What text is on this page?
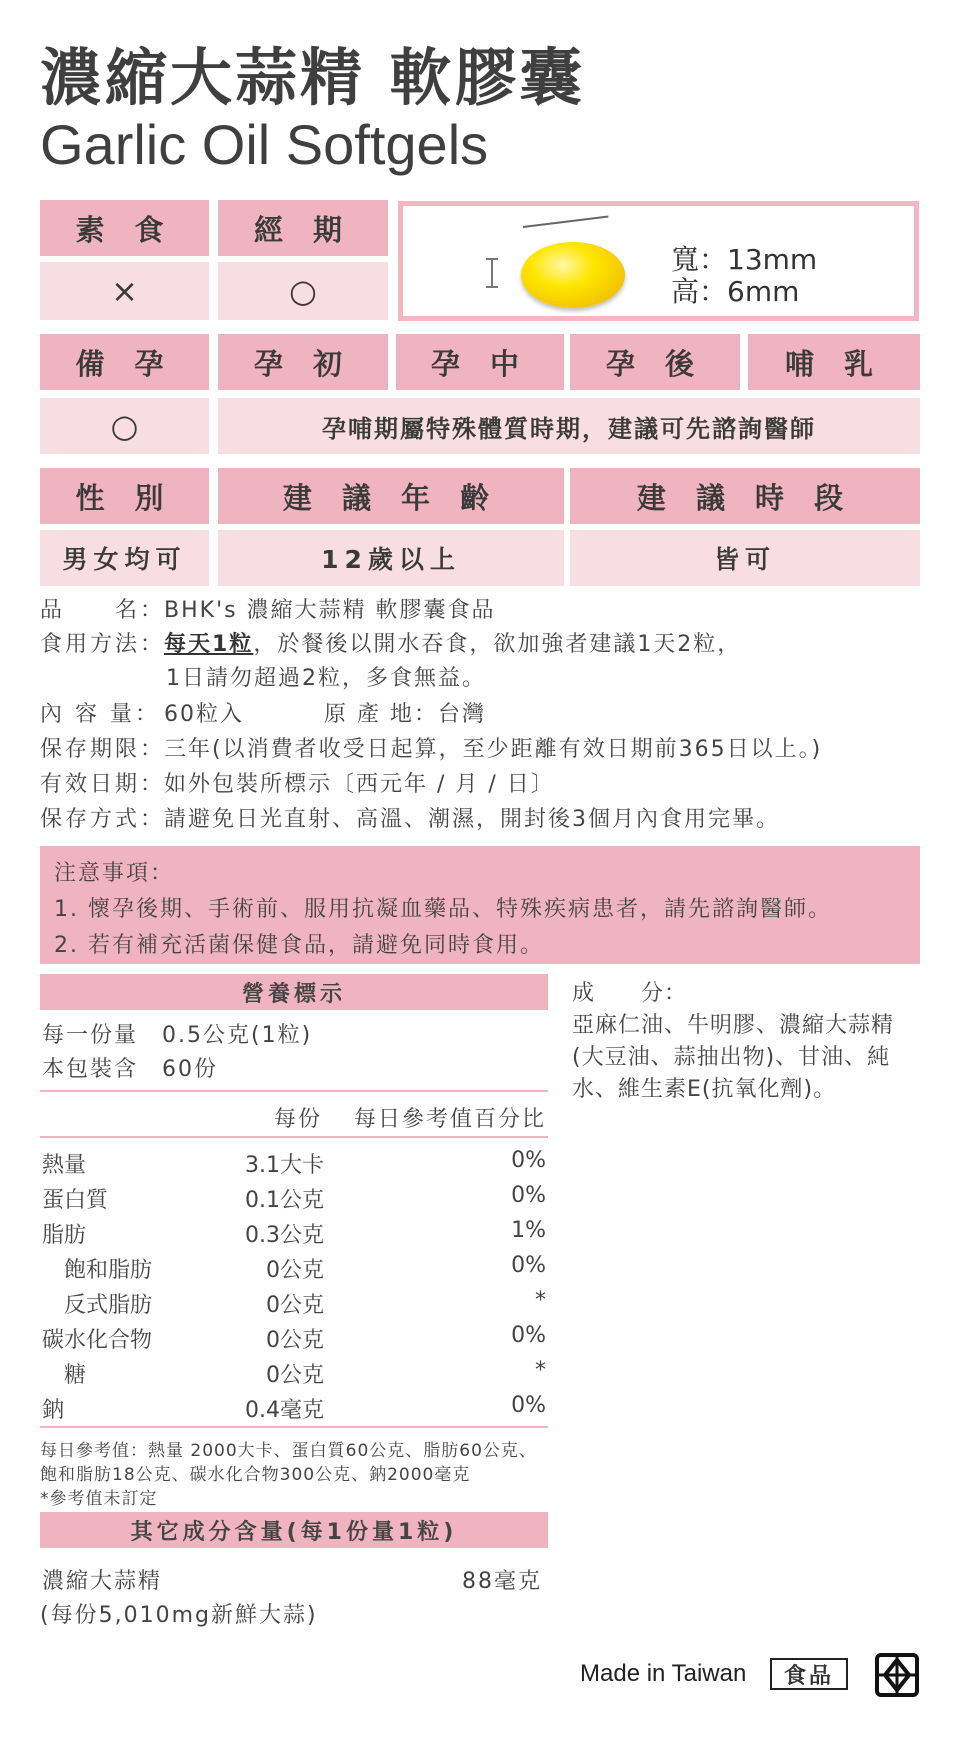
濃縮大蒜精 軟膠囊
Garlic Oil Softgels
素 食	經 期
×	○
寬：13mm
高：6mm
備 孕	孕 初	孕 中	孕 後	哺 乳
○	孕哺期屬特殊體質時期，建議可先諮詢醫師
性 別	建 議 年 齡	建 議 時 段
男女均可	12歲以上	皆可
品　　名：BHK's 濃縮大蒜精 軟膠囊食品
食用方法：每天1粒，於餐後以開水吞食，欲加強者建議1天2粒，
1日請勿超過2粒，多食無益。
內 容 量： 60粒入	原 產 地：台灣
保存期限：三年(以消費者收受日起算，至少距離有效日期前365日以上。)
有效日期：如外包裝所標示〔西元年 / 月 / 日〕
保存方式：請避免日光直射、高溫、潮濕，開封後3個月內食用完畢。
注意事項：
1. 懷孕後期、手術前、服用抗凝血藥品、特殊疾病患者，請先諮詢醫師。
2. 若有補充活菌保健食品，請避免同時食用。
營養標示
每一份量　0.5公克(1粒)
本包裝含　60份
每份 每日參考值百分比
熱量	3.1大卡	0%
蛋白質	0.1公克	0%
脂肪	0.3公克	1%
　飽和脂肪	0公克	0%
　反式脂肪	0公克	*
碳水化合物	0公克	0%
　糖	0公克	*
鈉	0.4毫克	0%
每日參考值：熱量 2000大卡、蛋白質60公克、脂肪60公克、
飽和脂肪18公克、碳水化合物300公克、鈉2000毫克
*參考值未訂定
其它成分含量(每1份量1粒)
濃縮大蒜精	88毫克
(每份5,010mg新鮮大蒜)
成　　分：
亞麻仁油、牛明膠、濃縮大蒜精(大豆油、蒜抽出物)、甘油、純水、維生素E(抗氧化劑)。
Made in Taiwan	食品
